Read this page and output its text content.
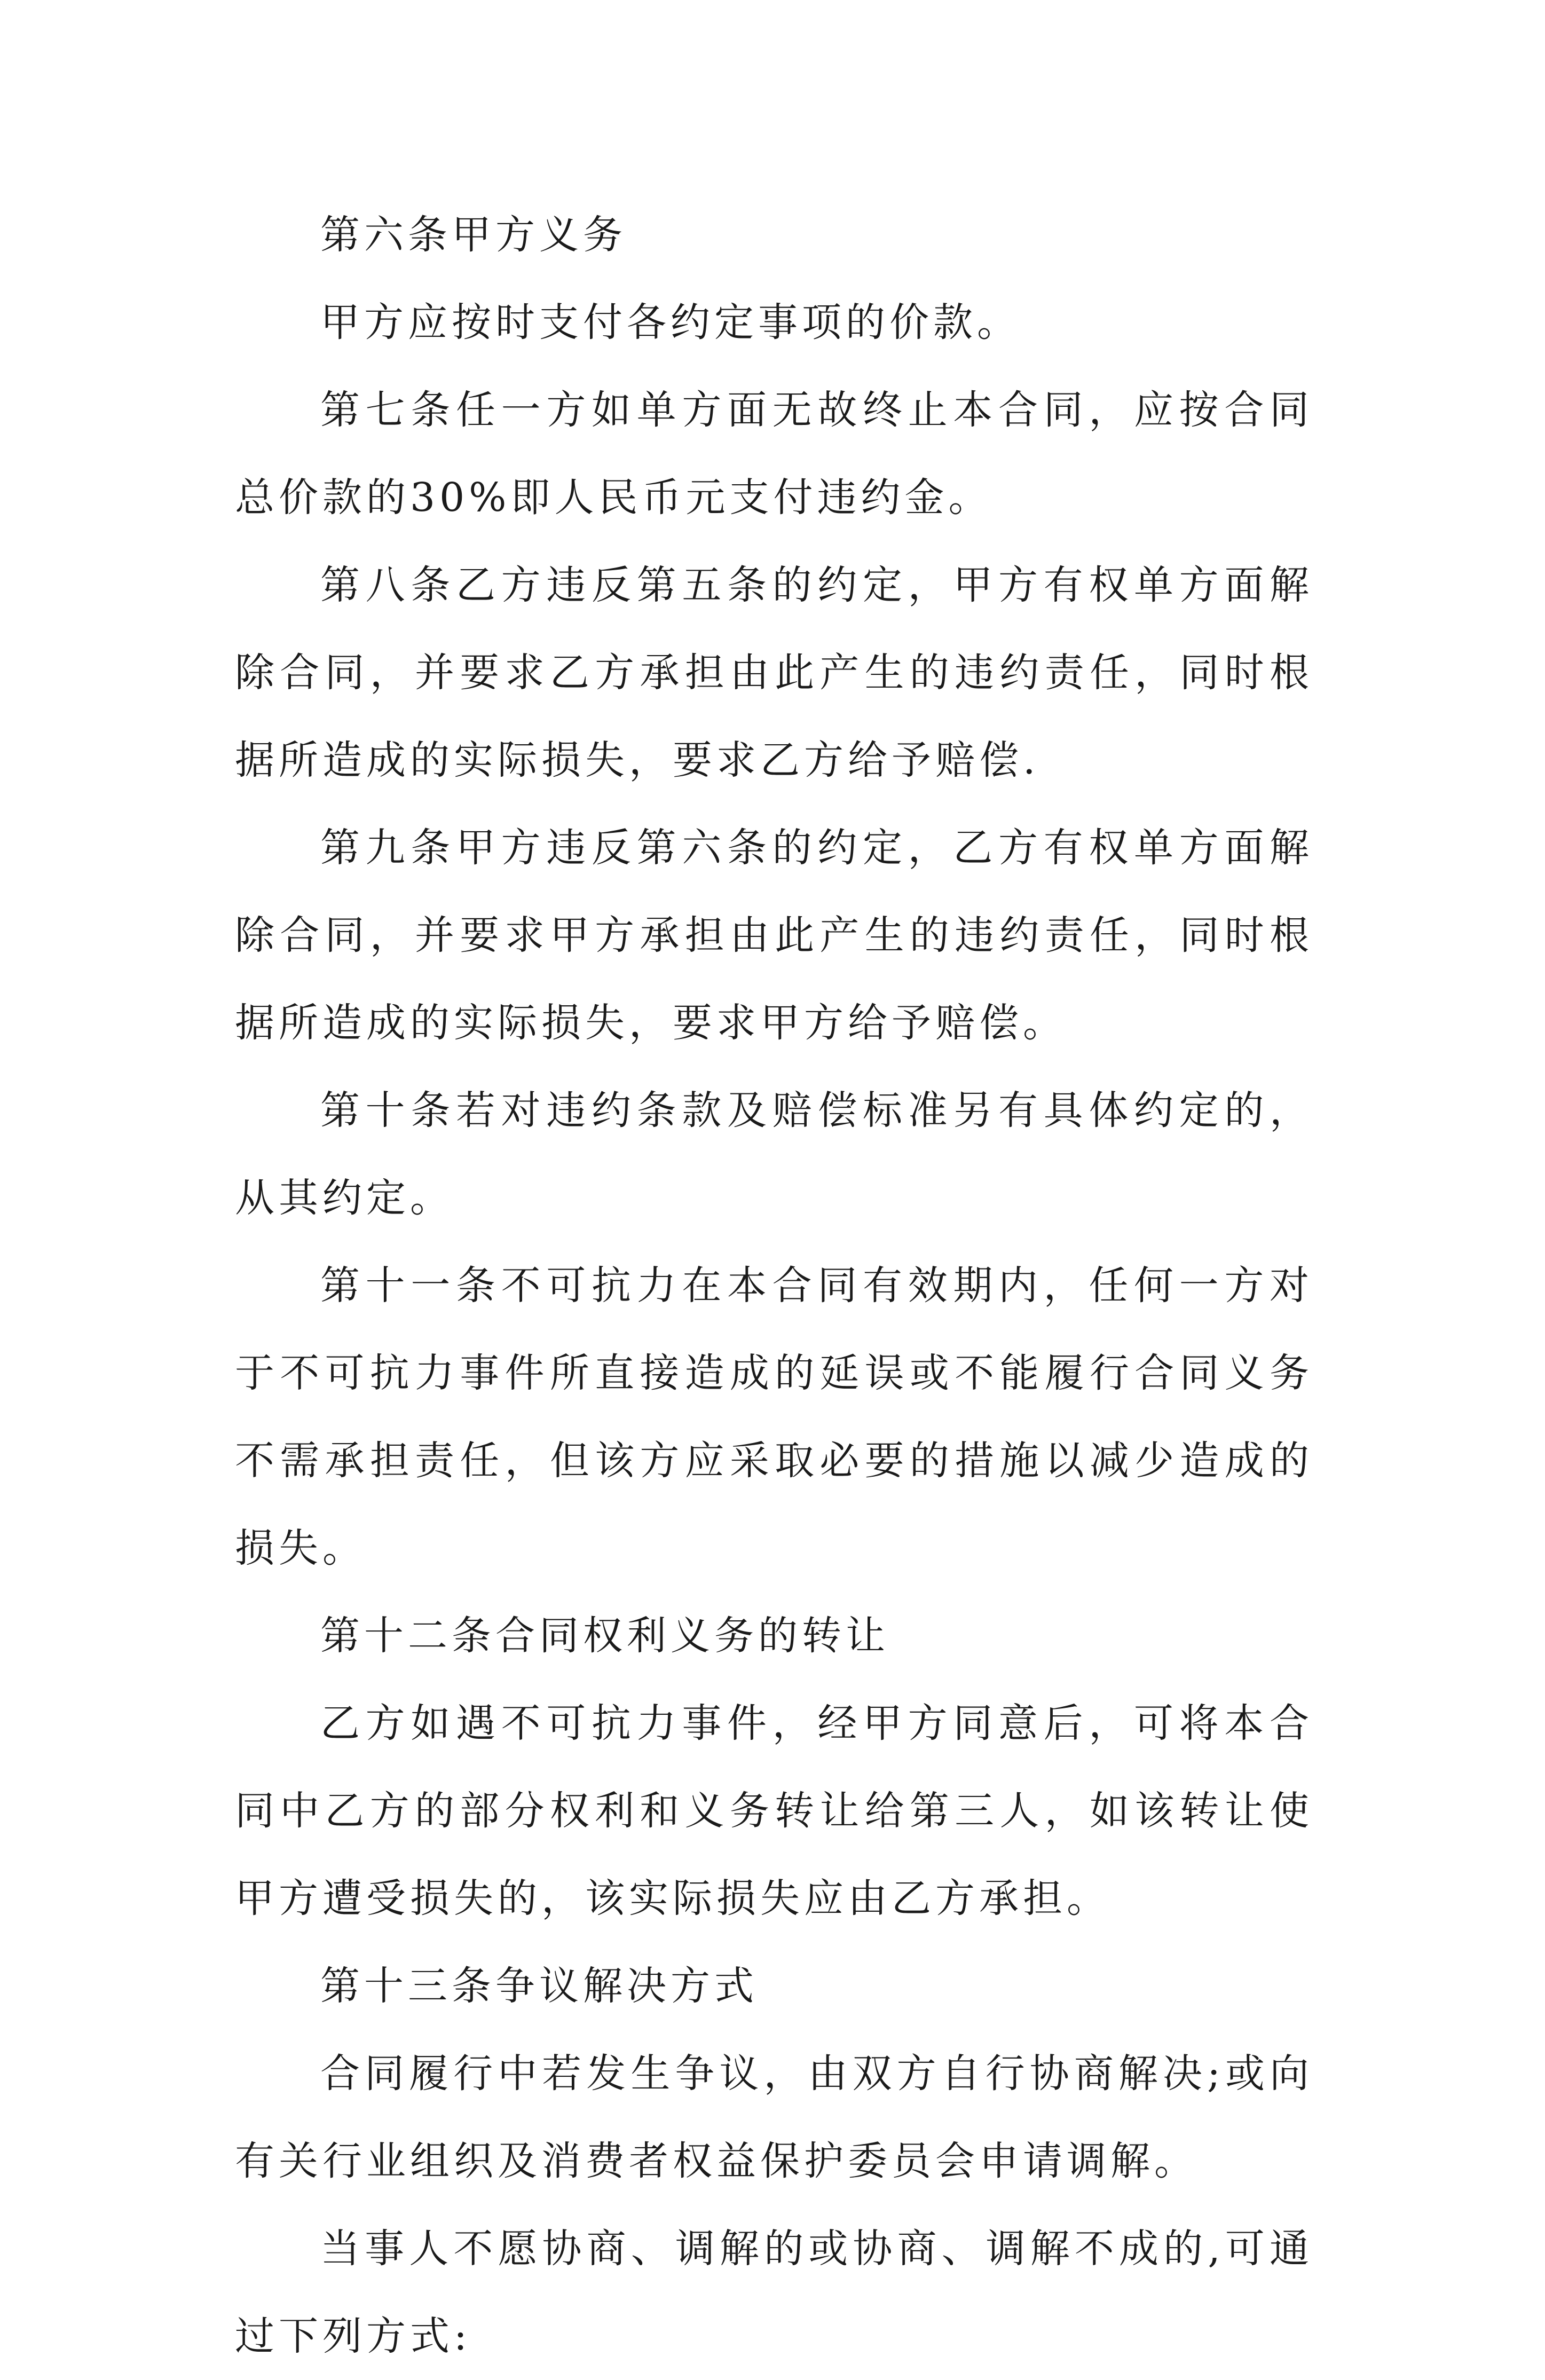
第六条甲方义务

甲方应按时支付各约定事项的价款。

第七条任一方如单方面无故终止本合同，应按合同总价款的30%即人民币元支付违约金。

第八条乙方违反第五条的约定，甲方有权单方面解除合同，并要求乙方承担由此产生的违约责任，同时根据所造成的实际损失，要求乙方给予赔偿.

第九条甲方违反第六条的约定，乙方有权单方面解除合同，并要求甲方承担由此产生的违约责任，同时根据所造成的实际损失，要求甲方给予赔偿。

第十条若对违约条款及赔偿标准另有具体约定的，从其约定。

第十一条不可抗力在本合同有效期内，任何一方对于不可抗力事件所直接造成的延误或不能履行合同义务不需承担责任，但该方应采取必要的措施以减少造成的损失。

第十二条合同权利义务的转让

乙方如遇不可抗力事件，经甲方同意后，可将本合同中乙方的部分权利和义务转让给第三人，如该转让使甲方遭受损失的，该实际损失应由乙方承担。

第十三条争议解决方式

合同履行中若发生争议，由双方自行协商解决;或向有关行业组织及消费者权益保护委员会申请调解。

当事人不愿协商、调解的或协商、调解不成的,可通过下列方式:
